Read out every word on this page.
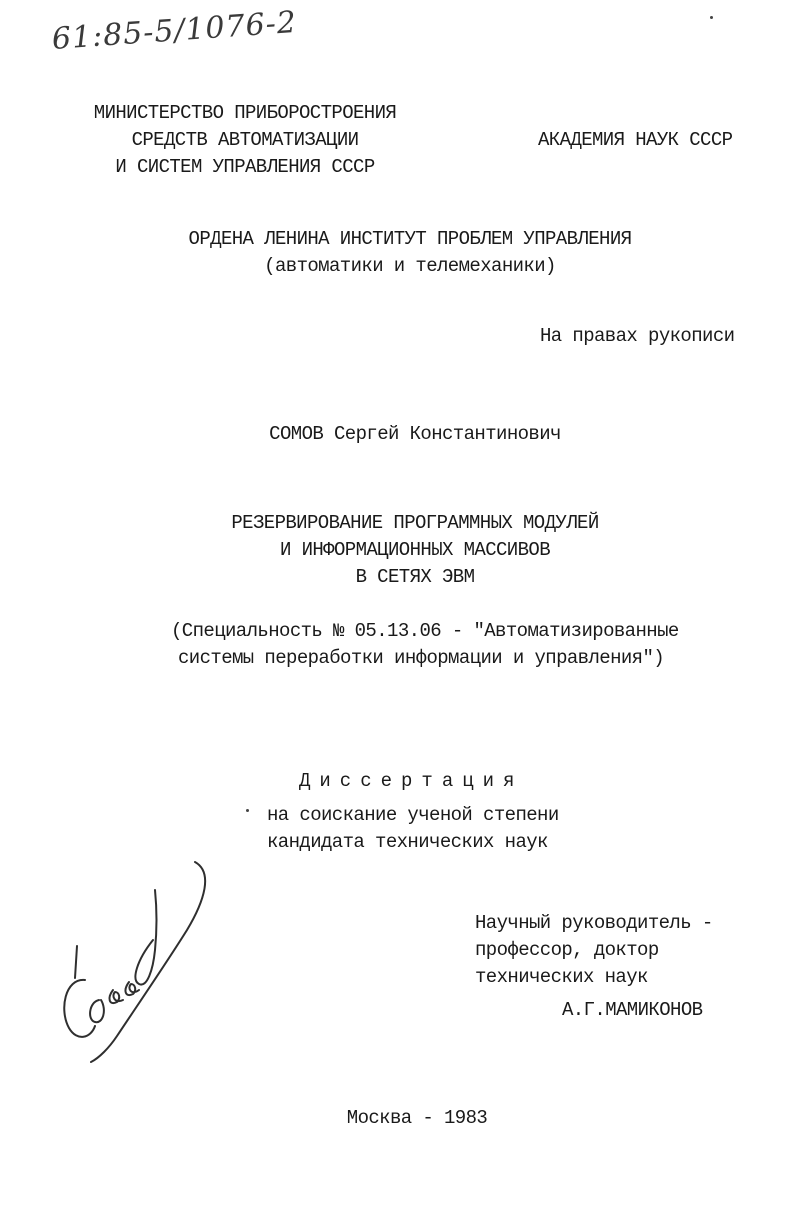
61:85-5/1076-2
МИНИСТЕРСТВО ПРИБОРОСТРОЕНИЯ
СРЕДСТВ АВТОМАТИЗАЦИИ
И СИСТЕМ УПРАВЛЕНИЯ СССР
АКАДЕМИЯ НАУК СССР
ОРДЕНА ЛЕНИНА ИНСТИТУТ ПРОБЛЕМ УПРАВЛЕНИЯ
(автоматики и телемеханики)
На правах рукописи
СОМОВ Сергей Константинович
РЕЗЕРВИРОВАНИЕ ПРОГРАММНЫХ МОДУЛЕЙ
И ИНФОРМАЦИОННЫХ МАССИВОВ
В СЕТЯХ ЭВМ
(Специальность № 05.13.06 - "Автоматизированные
системы переработки информации и управления")
Диссертация
на соискание ученой степени
кандидата технических наук
Научный руководитель -
профессор, доктор
технических наук
А.Г.МАМИКОНОВ
Москва - 1983
